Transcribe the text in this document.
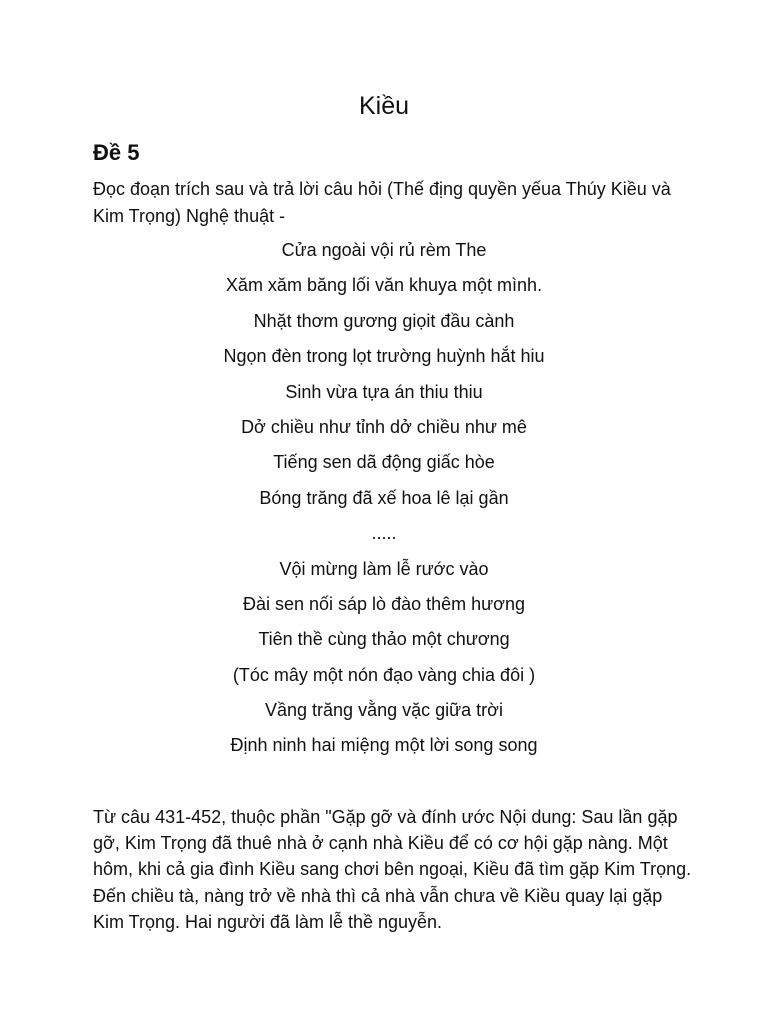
Kiều
Đề 5
Đọc đoạn trích sau và trả lời câu hỏi (Thế địng quyền yếua Thúy Kiều và Kim Trọng) Nghệ thuật -
Cửa ngoài vội rủ rèm The
Xăm xăm băng lối văn khuya một mình.
Nhặt thơm gương giọit đầu cành
Ngọn đèn trong lọt trường huỳnh hắt hiu
Sinh vừa tựa án thiu thiu
Dở chiều như tỉnh dở chiều như mê
Tiếng sen dã động giấc hòe
Bóng trăng đã xế hoa lê lại gần
.....
Vội mừng làm lễ rước vào
Đài sen nối sáp lò đào thêm hương
Tiên thề cùng thảo một chương
(Tóc mây một nón đạo vàng chia đôi )
Vầng trăng vằng vặc giữa trời
Định ninh hai miệng một lời song song
Từ câu 431-452, thuộc phần "Gặp gỡ và đính ước Nội dung: Sau lần gặp gỡ, Kim Trọng đã thuê nhà ở cạnh nhà Kiều để có cơ hội gặp nàng. Một hôm, khi cả gia đình Kiều sang chơi bên ngoại, Kiều đã tìm gặp Kim Trọng. Đến chiều tà, nàng trở về nhà thì cả nhà vẫn chưa về Kiều quay lại gặp Kim Trọng. Hai người đã làm lễ thề nguyễn.
